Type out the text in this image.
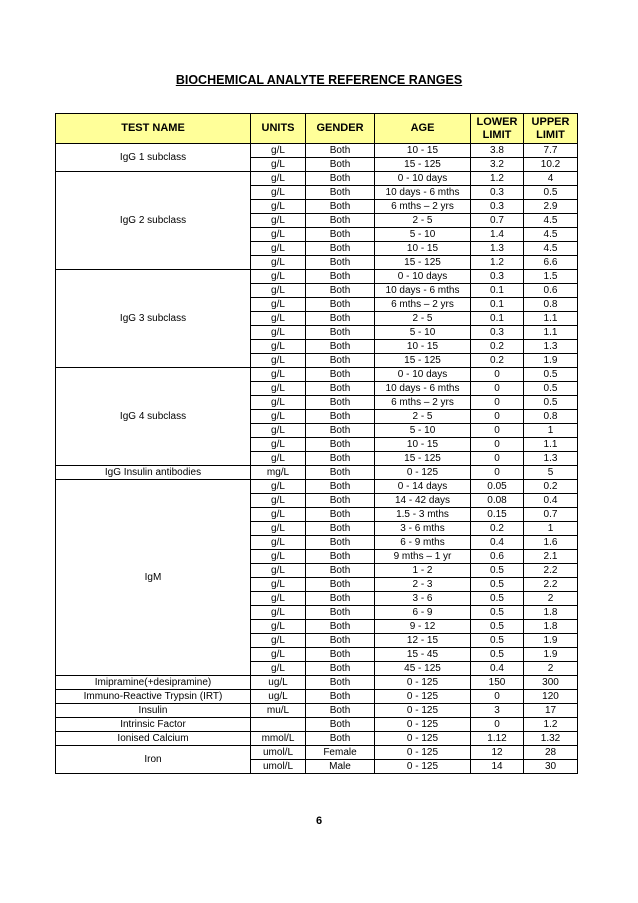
BIOCHEMICAL ANALYTE REFERENCE RANGES
TEST NAME	UNITS	GENDER	AGE	LOWER LIMIT	UPPER LIMIT
IgG 1 subclass	g/L	Both	10 - 15	3.8	7.7
	g/L	Both	15 - 125	3.2	10.2
IgG 2 subclass	g/L	Both	0 - 10 days	1.2	4
	g/L	Both	10 days - 6 mths	0.3	0.5
	g/L	Both	6 mths – 2 yrs	0.3	2.9
	g/L	Both	2 - 5	0.7	4.5
	g/L	Both	5 - 10	1.4	4.5
	g/L	Both	10 - 15	1.3	4.5
	g/L	Both	15 - 125	1.2	6.6
IgG 3 subclass	g/L	Both	0 - 10 days	0.3	1.5
	g/L	Both	10 days - 6 mths	0.1	0.6
	g/L	Both	6 mths – 2 yrs	0.1	0.8
	g/L	Both	2 - 5	0.1	1.1
	g/L	Both	5 - 10	0.3	1.1
	g/L	Both	10 - 15	0.2	1.3
	g/L	Both	15 - 125	0.2	1.9
IgG 4 subclass	g/L	Both	0 - 10 days	0	0.5
	g/L	Both	10 days - 6 mths	0	0.5
	g/L	Both	6 mths – 2 yrs	0	0.5
	g/L	Both	2 - 5	0	0.8
	g/L	Both	5 - 10	0	1
	g/L	Both	10 - 15	0	1.1
	g/L	Both	15 - 125	0	1.3
IgG Insulin antibodies	mg/L	Both	0 - 125	0	5
IgM	g/L	Both	0 - 14 days	0.05	0.2
	g/L	Both	14 - 42 days	0.08	0.4
	g/L	Both	1.5 - 3 mths	0.15	0.7
	g/L	Both	3 - 6 mths	0.2	1
	g/L	Both	6 - 9 mths	0.4	1.6
	g/L	Both	9 mths – 1 yr	0.6	2.1
	g/L	Both	1 - 2	0.5	2.2
	g/L	Both	2 - 3	0.5	2.2
	g/L	Both	3 - 6	0.5	2
	g/L	Both	6 - 9	0.5	1.8
	g/L	Both	9 - 12	0.5	1.8
	g/L	Both	12 - 15	0.5	1.9
	g/L	Both	15 - 45	0.5	1.9
	g/L	Both	45 - 125	0.4	2
Imipramine(+desipramine)	ug/L	Both	0 - 125	150	300
Immuno-Reactive Trypsin (IRT)	ug/L	Both	0 - 125	0	120
Insulin	mu/L	Both	0 - 125	3	17
Intrinsic Factor		Both	0 - 125	0	1.2
Ionised Calcium	mmol/L	Both	0 - 125	1.12	1.32
Iron	umol/L	Female	0 - 125	12	28
	umol/L	Male	0 - 125	14	30
6
